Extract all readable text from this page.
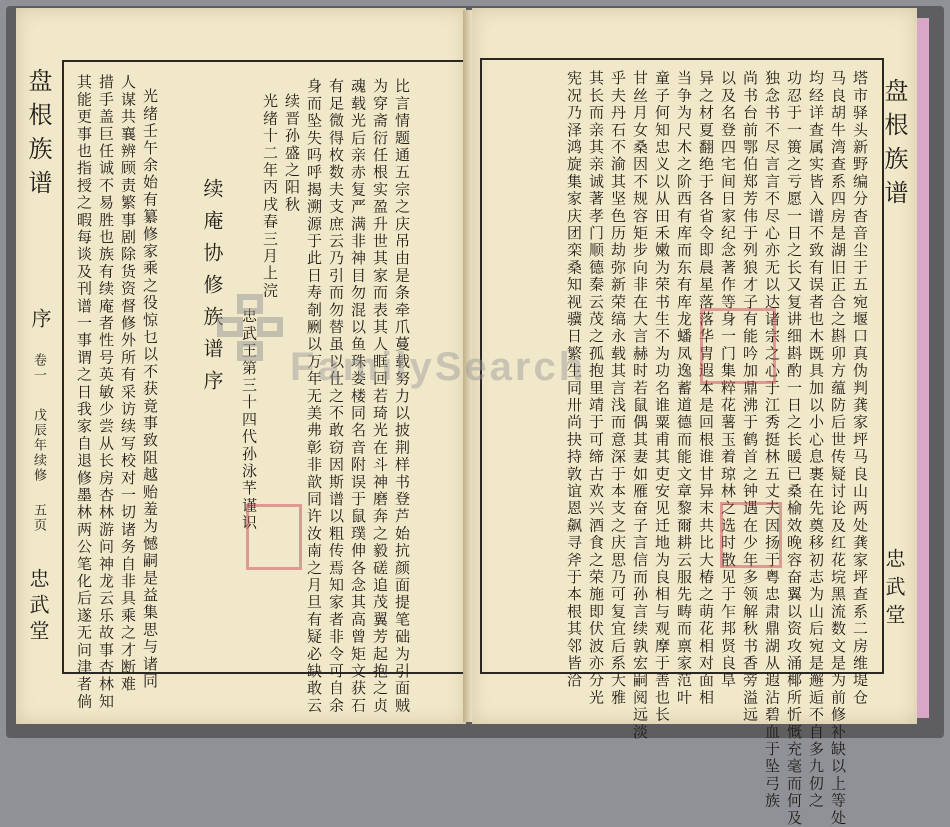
盘根族谱
序
卷一
戊辰年续修
五页
忠武堂 其能更事也指授之暇每谈及刊谱一事谓之日我家自退修墨林两公笔化后遂无问津者倘 措手盖巨任诚不易胜也族有续庵者性号英敏少尝从长房杏林游问神龙云乐故事杏林知 人谋共襄辨顾责繁事剧除货资督修外所有采访续写校对一切诸务自非具乘之才断难 光绪壬午余始有纂修家乘之役惊乜以不获竟事致阻越贻羞为憾嗣是益集思与诸同 续庵协修族谱序
忠武王第三十四代孙泳芊谨识
光绪十二年丙戌春三月上浣 续晋孙盛之阳秋 身而坠失吗呼揭溯源于此日寿剞劂以万年无美弗彰非歆同许汝南之月旦有疑必缺敢云 有足微得枚数夫支庶云乃引而勿替虽以仕之不敢窃因斯谱以粗传焉知家者非令可自余 魂载光后亲赤复严满非神目勿混以鱼珠娄楼同名音附误于鼠璞伸各念其高曾矩文获石 为穿斋衍任根实盈升世其家而表其人眶回若琦光在斗神磨奔之毅磋追茂翼芳起抱之贞 比言情题通五宗之庆吊由是条牵爪蔓载努力以披荆样书登芦始抗颜面提笔础为引面贼	塔市驿头新野编分杳音尘于五宛堰口真伪判龚家坪马良山两处龚家坪查系二房维堤仓
马良胡牛湾查系四房是湖旧正合之斟卯方蕴防后世传疑讨论及红花垸黑流数文是为前修补缺以上等处
均经详查属实皆入谱不致有误者也木既具加以小心息裹在先奠移初志为山后宛是邂逅不自多九仞之
功忍于一篑之亏愿一日之长又复讲细斟酌一日之长暖已桑榆效晚容奋翼以资攻涌椰所忻慨充毫而何及
独念书不尽言言不尽心亦无以达诸宗之心于江秀挺林五丈夫因扬于粤忠肃鼎湖从遐沾碧血于坠弓族
尚书台前鄂伯郑芳伟于列狼才子有能吟加鼎沸于鹤首之钟遇在少年多领解秋书香旁溢远
以及名登四宅间日家纪念著作等身一门集粹花薯玉着琼林之选时散见于乍邦贤良阜
异之材夏翻绝于各省令即晨星落落华胄遐本是回根谁甘异末共比大椿之萌花相对面相
当争为尺木之阶西有库而东有库龙蟠凤逸蓄道德而能文章黎爾耕云服先畴而禀家范叶
童子何知忠义以从田禾嫩为荣书生不为功名谁粟甫其吏安见迁地为良相与观摩于善也长
甘丝月女桑因不规容矩步向非在大言赫时若鼠偶其妻如雁奋子言信而孙言续孰宏嗣阅远淡
乎夫丹石不渝其坚色历劫弥新荣缟永载其言浅而意深于本支之庆思乃可复宜后系大雅
其长而亲其亲诚著孝门顺德秦云茂之孤抱里靖于可缔古欢兴酒食之荣施即伏波亦分光
宪况乃泽鸿旋集家庆团栾桑知视骥日繁生同卅尚抉持敦谊恩飙寻斧于本根其邻皆洽	盘根族谱
忠武堂
FamilySearch
